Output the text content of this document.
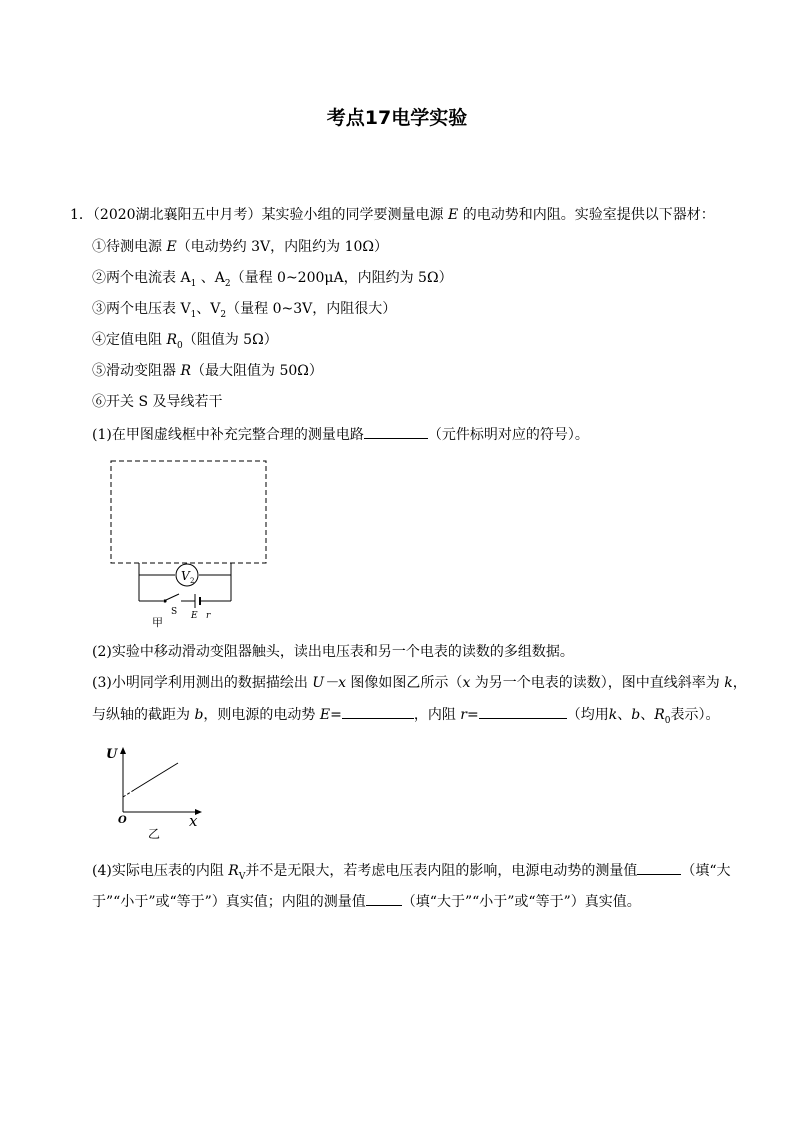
考点17电学实验
1．（2020湖北襄阳五中月考）某实验小组的同学要测量电源 E 的电动势和内阻。实验室提供以下器材：
①待测电源 E（电动势约 3V，内阻约为 10Ω）
②两个电流表 $A_1$ 、$A_2$（量程 0~200μA，内阻约为 5Ω）
③两个电压表 $V_1$、$V_2$（量程 0~3V，内阻很大）
④定值电阻 $R_0$（阻值为 5Ω）
⑤滑动变阻器 R（最大阻值为 50Ω）
⑥开关 S 及导线若干
(1)在甲图虚线框中补充完整合理的测量电路	（元件标明对应的符号）。
V 2
S E r
甲
(2)实验中移动滑动变阻器触头，读出电压表和另一个电表的读数的多组数据。
(3)小明同学利用测出的数据描绘出 U－x 图像如图乙所示（x 为另一个电表的读数），图中直线斜率为 k，
与纵轴的截距为 b，则电源的电动势 E=	，内阻 r=	（均用k、b、$R_0$表示）。
U
x
O
乙
(4)实际电压表的内阻 $R_V$并不是无限大，若考虑电压表内阻的影响，电源电动势的测量值	（填“大
于”“小于”或“等于”）真实值；内阻的测量值	（填“大于”“小于”或“等于”）真实值。
